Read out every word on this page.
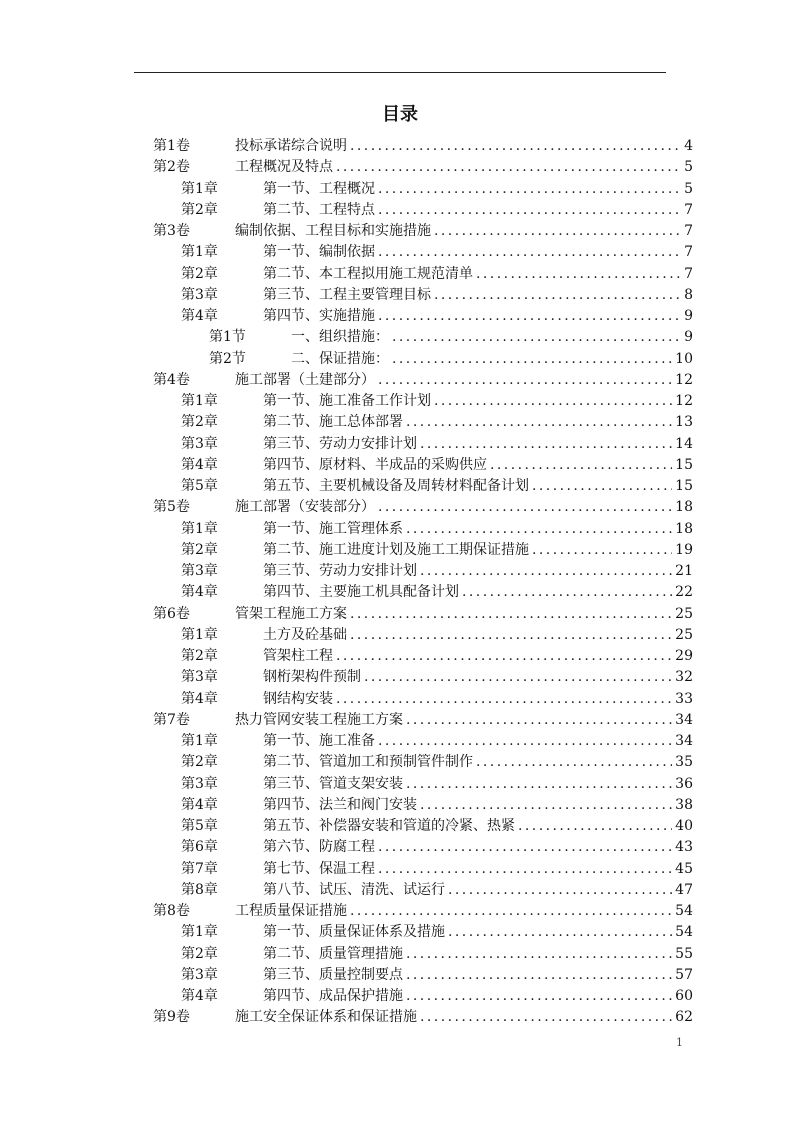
目录
第1卷	投标承诺综合说明 . . .	4
第2卷	工程概况及特点 . . .	5
第1章	第一节、工程概况 . . .	5
第2章	第二节、工程特点 . . .	7
第3卷	编制依据、工程目标和实施措施 . . .	7
第1章	第一节、编制依据 . . .	7
第2章	第二节、本工程拟用施工规范清单 . . .	7
第3章	第三节、工程主要管理目标 . . .	8
第4章	第四节、实施措施 . . .	9
第1节	一、组织措施： . . .	9
第2节	二、保证措施： . . .	10
第4卷	施工部署（土建部分） . . .	12
第1章	第一节、施工准备工作计划 . . .	12
第2章	第二节、施工总体部署 . . .	13
第3章	第三节、劳动力安排计划 . . .	14
第4章	第四节、原材料、半成品的采购供应 . . .	15
第5章	第五节、主要机械设备及周转材料配备计划 . . .	15
第5卷	施工部署（安装部分） . . .	18
第1章	第一节、施工管理体系 . . .	18
第2章	第二节、施工进度计划及施工工期保证措施 . . .	19
第3章	第三节、劳动力安排计划 . . .	21
第4章	第四节、主要施工机具配备计划 . . .	22
第6卷	管架工程施工方案 . . .	25
第1章	土方及砼基础 . . .	25
第2章	管架柱工程 . . .	29
第3章	钢桁架构件预制 . . .	32
第4章	钢结构安装 . . .	33
第7卷	热力管网安装工程施工方案 . . .	34
第1章	第一节、施工准备 . . .	34
第2章	第二节、管道加工和预制管件制作 . . .	35
第3章	第三节、管道支架安装 . . .	36
第4章	第四节、法兰和阀门安装 . . .	38
第5章	第五节、补偿器安装和管道的冷紧、热紧 . . .	40
第6章	第六节、防腐工程 . . .	43
第7章	第七节、保温工程 . . .	45
第8章	第八节、试压、清洗、试运行 . . .	47
第8卷	工程质量保证措施 . . .	54
第1章	第一节、质量保证体系及措施 . . .	54
第2章	第二节、质量管理措施 . . .	55
第3章	第三节、质量控制要点 . . .	57
第4章	第四节、成品保护措施 . . .	60
第9卷	施工安全保证体系和保证措施 . . .	62
1
